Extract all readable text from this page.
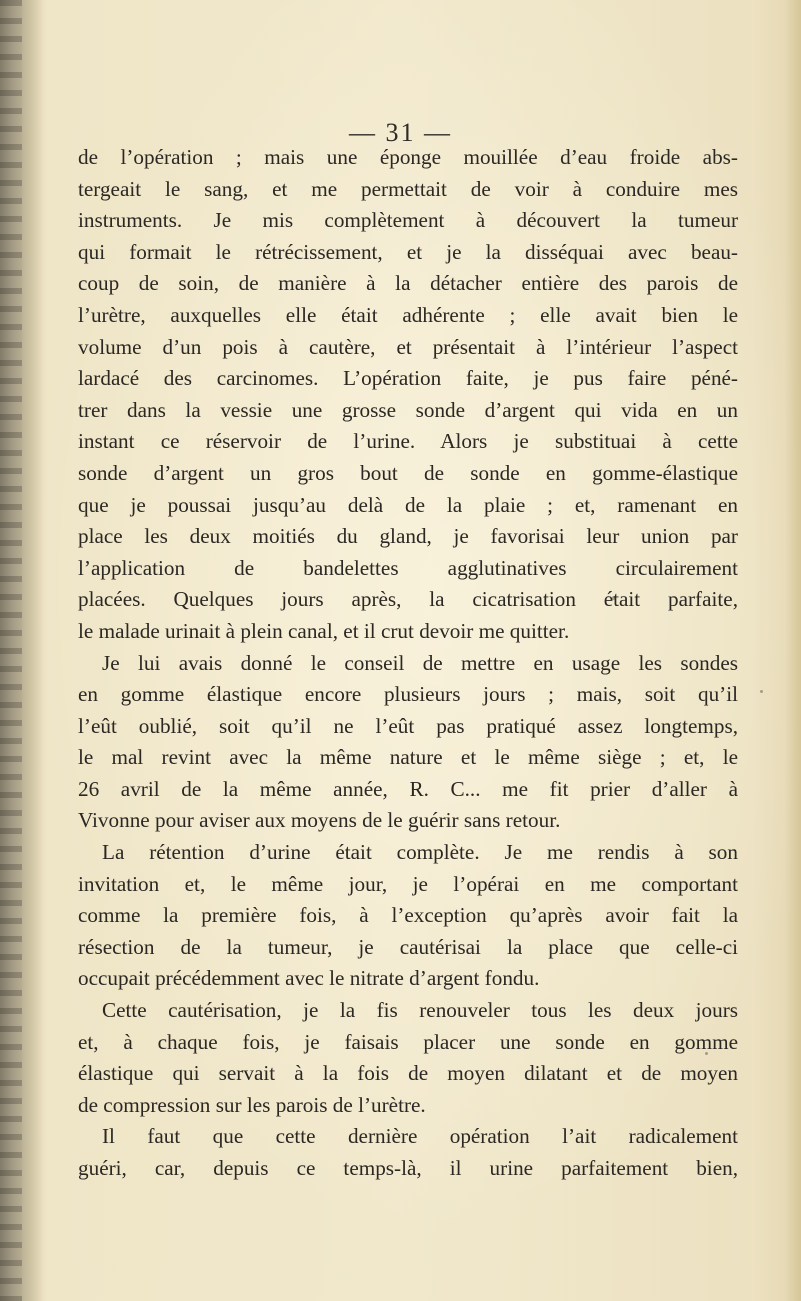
— 31 —
de l’opération ; mais une éponge mouillée d’eau froide abs-
tergeait le sang, et me permettait de voir à conduire mes
instruments. Je mis complètement à découvert la tumeur
qui formait le rétrécissement, et je la disséquai avec beau-
coup de soin, de manière à la détacher entière des parois de
l’urètre, auxquelles elle était adhérente ; elle avait bien le
volume d’un pois à cautère, et présentait à l’intérieur l’aspect
lardacé des carcinomes. L’opération faite, je pus faire péné-
trer dans la vessie une grosse sonde d’argent qui vida en un
instant ce réservoir de l’urine. Alors je substituai à cette
sonde d’argent un gros bout de sonde en gomme-élastique
que je poussai jusqu’au delà de la plaie ; et, ramenant en
place les deux moitiés du gland, je favorisai leur union par
l’application de bandelettes agglutinatives circulairement
placées. Quelques jours après, la cicatrisation était parfaite,
le malade urinait à plein canal, et il crut devoir me quitter.
Je lui avais donné le conseil de mettre en usage les sondes
en gomme élastique encore plusieurs jours ; mais, soit qu’il
l’eût oublié, soit qu’il ne l’eût pas pratiqué assez longtemps,
le mal revint avec la même nature et le même siège ; et, le
26 avril de la même année, R. C... me fit prier d’aller à
Vivonne pour aviser aux moyens de le guérir sans retour.
La rétention d’urine était complète. Je me rendis à son
invitation et, le même jour, je l’opérai en me comportant
comme la première fois, à l’exception qu’après avoir fait la
résection de la tumeur, je cautérisai la place que celle-ci
occupait précédemment avec le nitrate d’argent fondu.
Cette cautérisation, je la fis renouveler tous les deux jours
et, à chaque fois, je faisais placer une sonde en gomme
élastique qui servait à la fois de moyen dilatant et de moyen
de compression sur les parois de l’urètre.
Il faut que cette dernière opération l’ait radicalement
guéri, car, depuis ce temps-là, il urine parfaitement bien,
